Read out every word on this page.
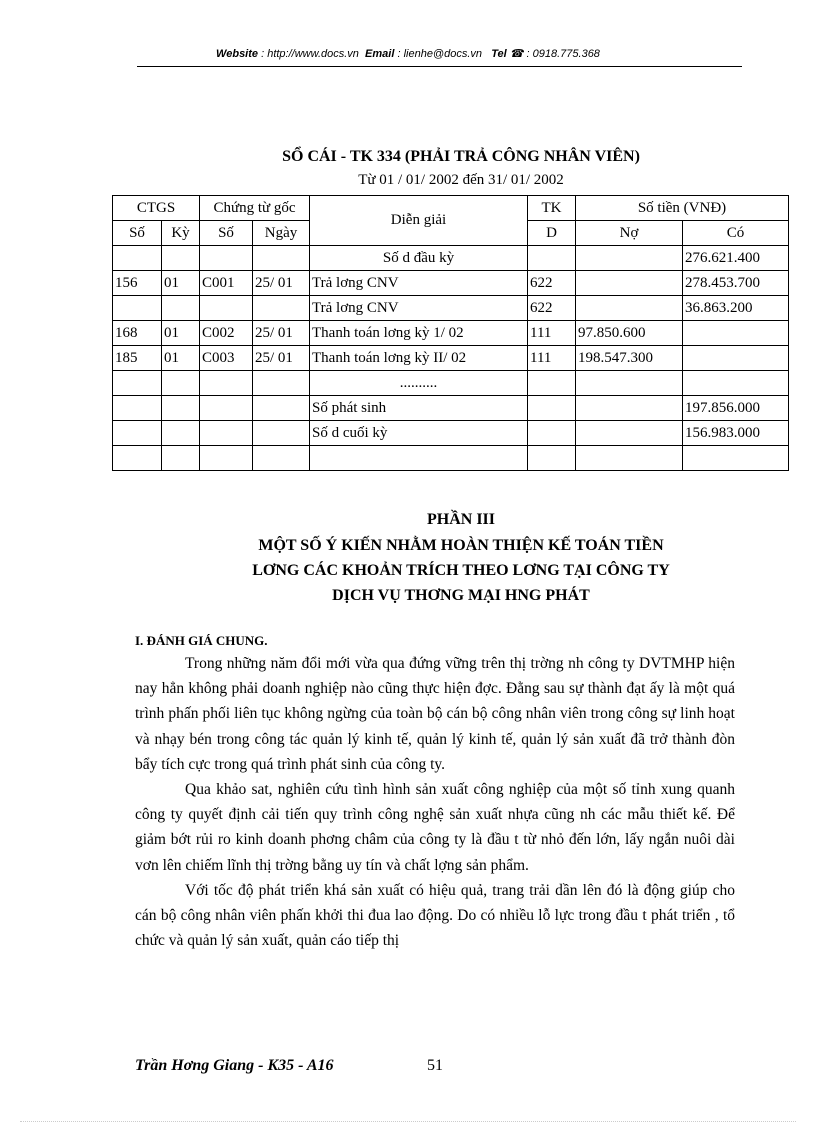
Website : http://www.docs.vn Email : lienhe@docs.vn Tel ☎ : 0918.775.368
SỔ CÁI - TK 334 (PHẢI TRẢ CÔNG NHÂN VIÊN)
Từ 01 / 01/ 2002 đến 31/ 01/ 2002
CTGS		Chứng từ gốc		Diễn giải	TK	Số tiền (VNĐ)	
Số	Kỳ	Số	Ngày		D	Nợ	Có
				Số d đầu kỳ			276.621.400
156	01	C001	25/ 01	Trả lơng CNV	622		278.453.700
				Trả lơng CNV	622		36.863.200
168	01	C002	25/ 01	Thanh toán lơng kỳ 1/ 02	111	97.850.600	
185	01	C003	25/ 01	Thanh toán lơng kỳ II/ 02	111	198.547.300	
				..........			
				Số phát sinh			197.856.000
				Số d cuối kỳ			156.983.000

PHẦN III
MỘT SỐ Ý KIẾN NHẰM HOÀN THIỆN KẾ TOÁN TIỀN
LƠNG CÁC KHOẢN TRÍCH THEO LƠNG TẠI CÔNG TY
DỊCH VỤ THƠNG MẠI HNG PHÁT
I. ĐÁNH GIÁ CHUNG.

Trong những năm đổi mới vừa qua đứng vững trên thị trờng nh công ty DVTMHP hiện nay hẳn không phải doanh nghiệp nào cũng thực hiện đợc. Đằng sau sự thành đạt ấy là một quá trình phấn phối liên tục không ngừng của toàn bộ cán bộ công nhân viên trong công sự linh hoạt và nhạy bén trong công tác quản lý kinh tế, quản lý kinh tế, quản lý sản xuất đã trở thành đòn bẩy tích cực trong quá trình phát sinh của công ty.

Qua khảo sat, nghiên cứu tình hình sản xuất công nghiệp của một số tỉnh xung quanh công ty quyết định cải tiến quy trình công nghệ sản xuất nhựa cũng nh các mẫu thiết kế. Để giảm bớt rủi ro kinh doanh phơng châm của công ty là đầu t từ nhỏ đến lớn, lấy ngắn nuôi dài vơn lên chiếm lĩnh thị trờng bằng uy tín và chất lợng sản phẩm.

Với tốc độ phát triển khá sản xuất có hiệu quả, trang trải dần lên đó là động giúp cho cán bộ công nhân viên phấn khởi thi đua lao động. Do có nhiều lỗ lực trong đầu t phát triển , tổ chức và quản lý sản xuất, quản cáo tiếp thị

Trần Hơng Giang - K35 - A16	51
